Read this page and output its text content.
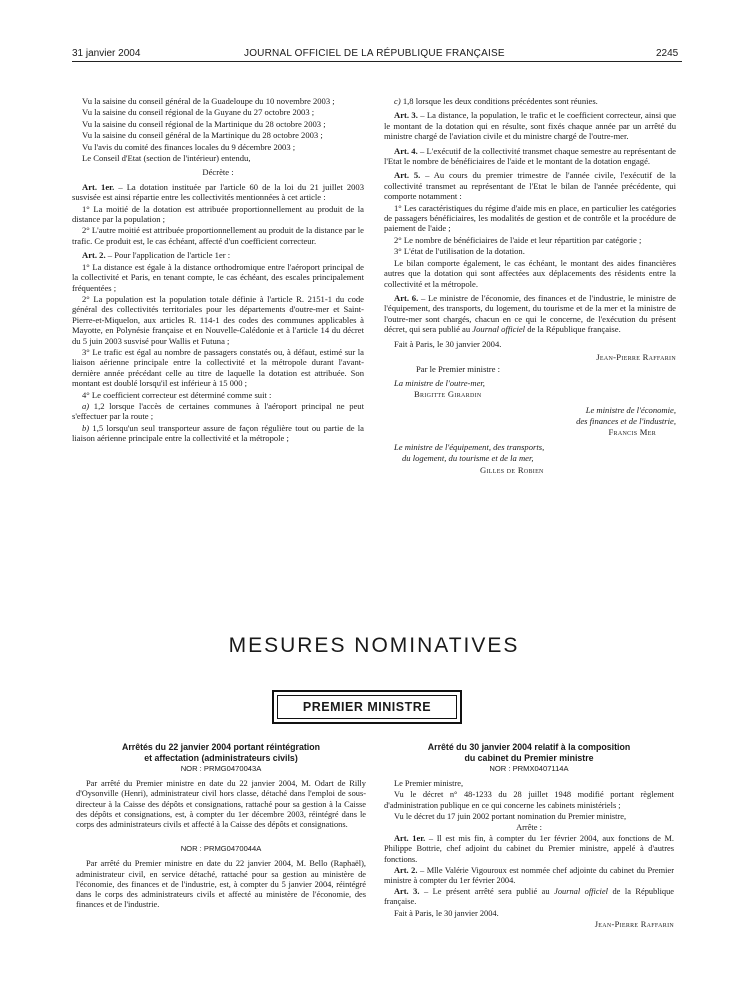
31 janvier 2004	JOURNAL OFFICIEL DE LA RÉPUBLIQUE FRANÇAISE	2245

Vu la saisine du conseil général de la Guadeloupe du 10 novembre 2003 ;

Vu la saisine du conseil régional de la Guyane du 27 octobre 2003 ;

Vu la saisine du conseil régional de la Martinique du 28 octobre 2003 ;

Vu la saisine du conseil général de la Martinique du 28 octobre 2003 ;

Vu l'avis du comité des finances locales du 9 décembre 2003 ;

Le Conseil d'Etat (section de l'intérieur) entendu,

Décrète :

Art. 1er. – La dotation instituée par l'article 60 de la loi du 21 juillet 2003 susvisée est ainsi répartie entre les collectivités mentionnées à cet article :

1° La moitié de la dotation est attribuée proportionnellement au produit de la distance par la population ;

2° L'autre moitié est attribuée proportionnellement au produit de la distance par le trafic. Ce produit est, le cas échéant, affecté d'un coefficient correcteur.

Art. 2. – Pour l'application de l'article 1er :

1° La distance est égale à la distance orthodromique entre l'aéroport principal de la collectivité et Paris, en tenant compte, le cas échéant, des escales principalement fréquentées ;

2° La population est la population totale définie à l'article R. 2151-1 du code général des collectivités territoriales pour les départements d'outre-mer et Saint-Pierre-et-Miquelon, aux articles R. 114-1 des codes des communes applicables à Mayotte, en Polynésie française et en Nouvelle-Calédonie et à l'article 14 du décret du 5 juin 2003 susvisé pour Wallis et Futuna ;

3° Le trafic est égal au nombre de passagers constatés ou, à défaut, estimé sur la liaison aérienne principale entre la collectivité et la métropole durant l'avant-dernière année précédant celle au titre de laquelle la dotation est attribuée. Son montant est doublé lorsqu'il est inférieur à 15 000 ;

4° Le coefficient correcteur est déterminé comme suit :

a) 1,2 lorsque l'accès de certaines communes à l'aéroport principal ne peut s'effectuer par la route ;

b) 1,5 lorsqu'un seul transporteur assure de façon régulière tout ou partie de la liaison aérienne principale entre la collectivité et la métropole ;

c) 1,8 lorsque les deux conditions précédentes sont réunies.

Art. 3. – La distance, la population, le trafic et le coefficient correcteur, ainsi que le montant de la dotation qui en résulte, sont fixés chaque année par un arrêté du ministre chargé de l'aviation civile et du ministre chargé de l'outre-mer.

Art. 4. – L'exécutif de la collectivité transmet chaque semestre au représentant de l'Etat le nombre de bénéficiaires de l'aide et le montant de la dotation engagé.

Art. 5. – Au cours du premier trimestre de l'année civile, l'exécutif de la collectivité transmet au représentant de l'Etat le bilan de l'année précédente, qui comporte notamment :

1° Les caractéristiques du régime d'aide mis en place, en particulier les catégories de passagers bénéficiaires, les modalités de gestion et de contrôle et la procédure de paiement de l'aide ;

2° Le nombre de bénéficiaires de l'aide et leur répartition par catégorie ;

3° L'état de l'utilisation de la dotation.

Le bilan comporte également, le cas échéant, le montant des aides financières autres que la dotation qui sont affectées aux déplacements des résidents entre la collectivité et la métropole.

Art. 6. – Le ministre de l'économie, des finances et de l'industrie, le ministre de l'équipement, des transports, du logement, du tourisme et de la mer et la ministre de l'outre-mer sont chargés, chacun en ce qui le concerne, de l'exécution du présent décret, qui sera publié au Journal officiel de la République française.

Fait à Paris, le 30 janvier 2004.

Jean-Pierre Raffarin

Par le Premier ministre :

La ministre de l'outre-mer,

Brigitte Girardin

Le ministre de l'économie,

des finances et de l'industrie,

Francis Mer

Le ministre de l'équipement, des transports,

du logement, du tourisme et de la mer,

Gilles de Robien

MESURES NOMINATIVES
PREMIER MINISTRE
Arrêtés du 22 janvier 2004 portant réintégration
et affectation (administrateurs civils)
NOR : PRMG0470043A

Par arrêté du Premier ministre en date du 22 janvier 2004, M. Odart de Rilly d'Oysonville (Henri), administrateur civil hors classe, détaché dans l'emploi de sous-directeur à la Caisse des dépôts et consignations, rattaché pour sa gestion à la Caisse des dépôts et consignations, est, à compter du 1er décembre 2003, réintégré dans le corps des administrateurs civils et affecté à la Caisse des dépôts et consignations.

NOR : PRMG0470044A

Par arrêté du Premier ministre en date du 22 janvier 2004, M. Bello (Raphaël), administrateur civil, en service détaché, rattaché pour sa gestion au ministère de l'économie, des finances et de l'industrie, est, à compter du 5 janvier 2004, réintégré dans le corps des administrateurs civils et affecté au ministère de l'économie, des finances et de l'industrie.

Arrêté du 30 janvier 2004 relatif à la composition
du cabinet du Premier ministre
NOR : PRMX0407114A

Le Premier ministre,

Vu le décret n° 48-1233 du 28 juillet 1948 modifié portant règlement d'administration publique en ce qui concerne les cabinets ministériels ;

Vu le décret du 17 juin 2002 portant nomination du Premier ministre,

Arrête :

Art. 1er. – Il est mis fin, à compter du 1er février 2004, aux fonctions de M. Philippe Bottrie, chef adjoint du cabinet du Premier ministre, appelé à d'autres fonctions.

Art. 2. – Mlle Valérie Vigouroux est nommée chef adjointe du cabinet du Premier ministre à compter du 1er février 2004.

Art. 3. – Le présent arrêté sera publié au Journal officiel de la République française.

Fait à Paris, le 30 janvier 2004.

Jean-Pierre Raffarin
